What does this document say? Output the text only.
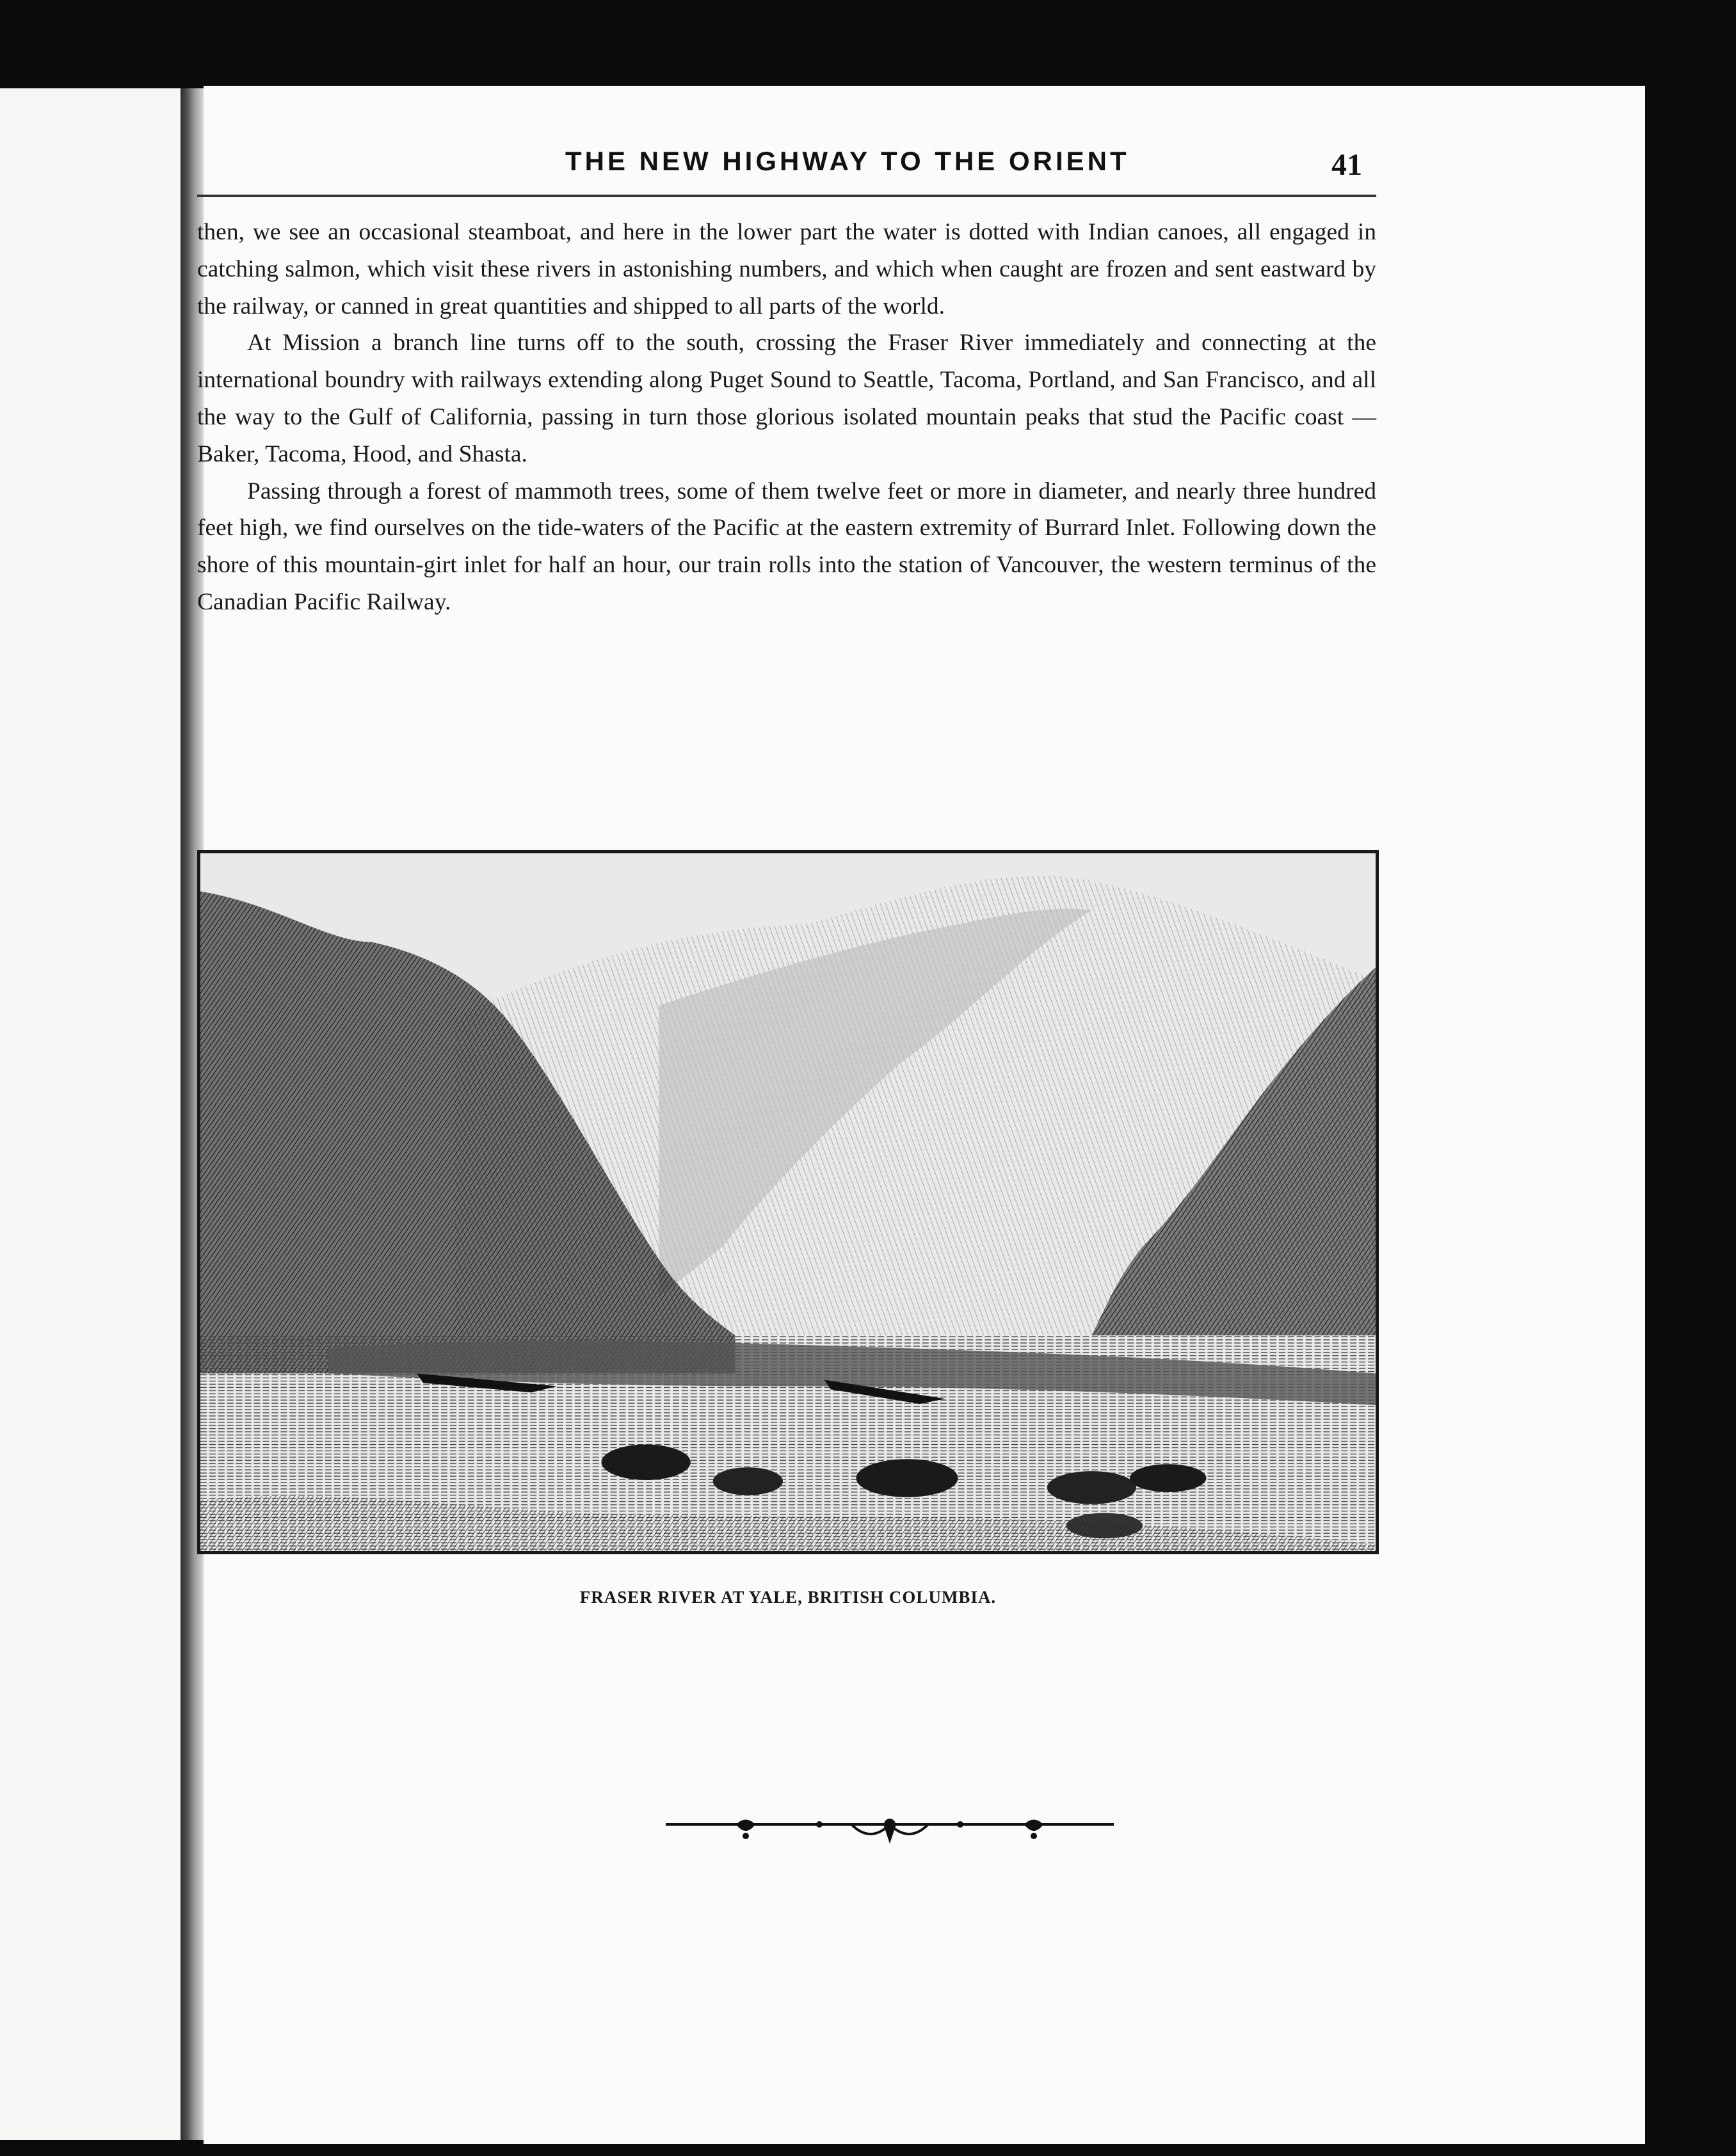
THE NEW HIGHWAY TO THE ORIENT	41

then, we see an occasional steamboat, and here in the lower part the water is dotted with Indian canoes, all engaged in catching salmon, which visit these rivers in astonishing numbers, and which when caught are frozen and sent eastward by the railway, or canned in great quantities and shipped to all parts of the world.

At Mission a branch line turns off to the south, crossing the Fraser River immediately and connecting at the international boundry with railways extending along Puget Sound to Seattle, Tacoma, Portland, and San Francisco, and all the way to the Gulf of California, passing in turn those glorious isolated mountain peaks that stud the Pacific coast — Baker, Tacoma, Hood, and Shasta.

Passing through a forest of mammoth trees, some of them twelve feet or more in diameter, and nearly three hundred feet high, we find ourselves on the tide-waters of the Pacific at the eastern extremity of Burrard Inlet. Following down the shore of this mountain-girt inlet for half an hour, our train rolls into the station of Vancouver, the western terminus of the Canadian Pacific Railway.

FRASER RIVER AT YALE, BRITISH COLUMBIA.
